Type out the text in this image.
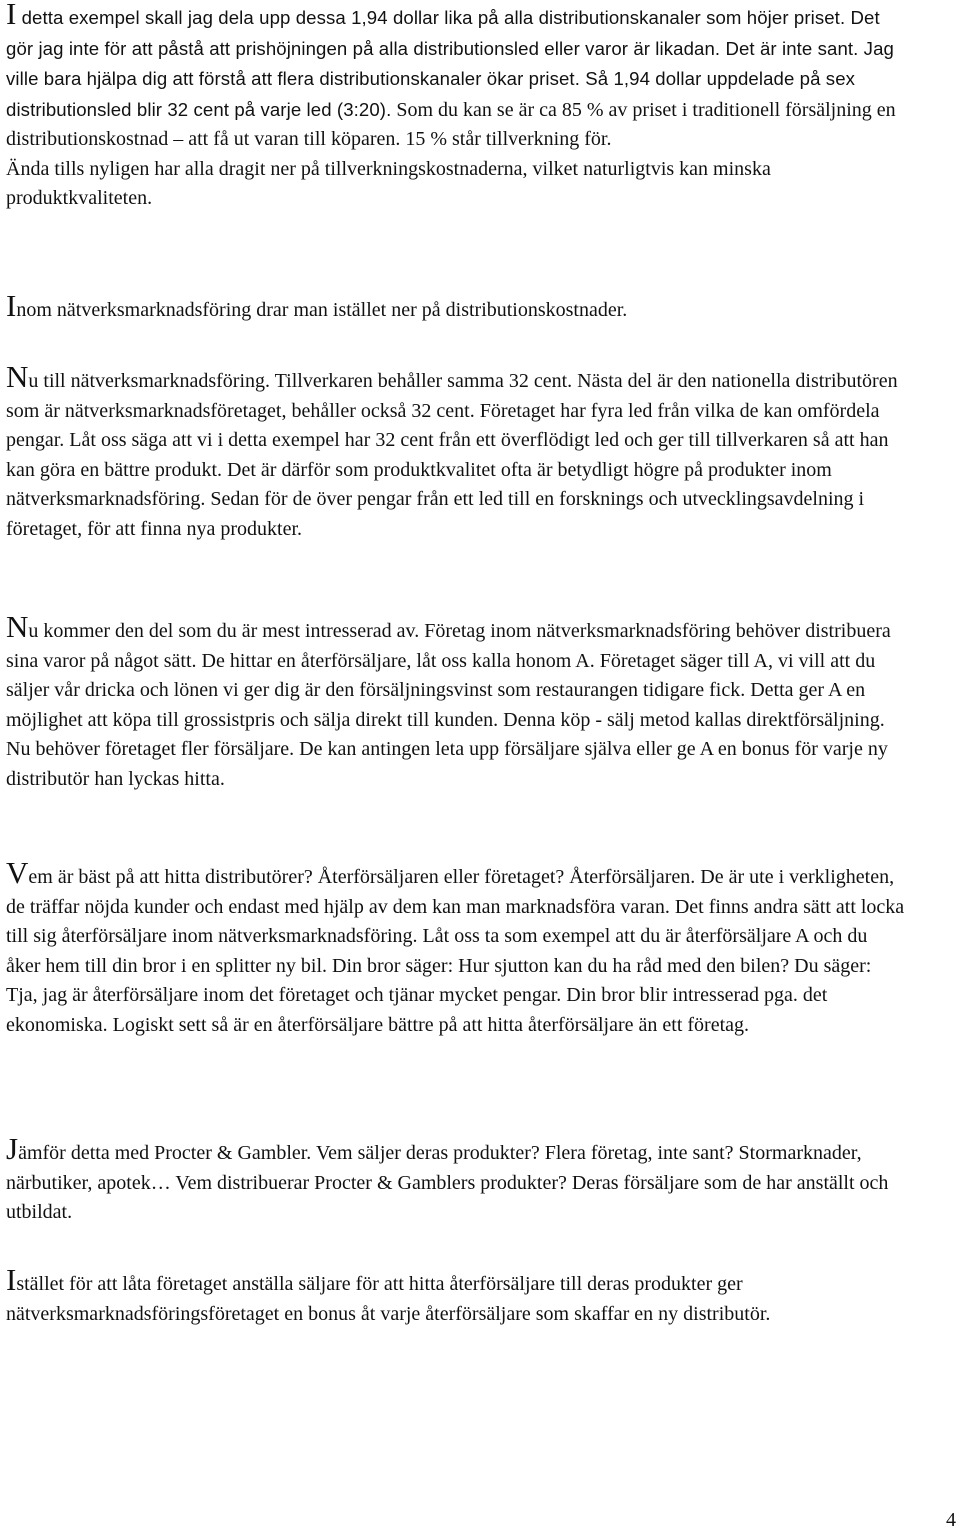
I detta exempel skall jag dela upp dessa 1,94 dollar lika på alla distributionskanaler som höjer priset. Det gör jag inte för att påstå att prishöjningen på alla distributionsled eller varor är likadan. Det är inte sant. Jag ville bara hjälpa dig att förstå att flera distributionskanaler ökar priset. Så 1,94 dollar uppdelade på sex distributionsled blir 32 cent på varje led (3:20). Som du kan se är ca 85 % av priset i traditionell försäljning en distributionskostnad – att få ut varan till köparen. 15 % står tillverkning för.
Ända tills nyligen har alla dragit ner på tillverkningskostnaderna, vilket naturligtvis kan minska produktkvaliteten.

Inom nätverksmarknadsföring drar man istället ner på distributionskostnader.

Nu till nätverksmarknadsföring. Tillverkaren behåller samma 32 cent. Nästa del är den nationella distributören som är nätverksmarknadsföretaget, behåller också 32 cent. Företaget har fyra led från vilka de kan omfördela pengar. Låt oss säga att vi i detta exempel har 32 cent från ett överflödigt led och ger till tillverkaren så att han kan göra en bättre produkt. Det är därför som produktkvalitet ofta är betydligt högre på produkter inom nätverksmarknadsföring. Sedan för de över pengar från ett led till en forsknings och utvecklingsavdelning i företaget, för att finna nya produkter.

Nu kommer den del som du är mest intresserad av. Företag inom nätverksmarknadsföring behöver distribuera sina varor på något sätt. De hittar en återförsäljare, låt oss kalla honom A. Företaget säger till A, vi vill att du säljer vår dricka och lönen vi ger dig är den försäljningsvinst som restaurangen tidigare fick. Detta ger A en möjlighet att köpa till grossistpris och sälja direkt till kunden. Denna köp - sälj metod kallas direktförsäljning. Nu behöver företaget fler försäljare. De kan antingen leta upp försäljare själva eller ge A en bonus för varje ny distributör han lyckas hitta.

Vem är bäst på att hitta distributörer? Återförsäljaren eller företaget? Återförsäljaren. De är ute i verkligheten, de träffar nöjda kunder och endast med hjälp av dem kan man marknadsföra varan. Det finns andra sätt att locka till sig återförsäljare inom nätverksmarknadsföring. Låt oss ta som exempel att du är återförsäljare A och du åker hem till din bror i en splitter ny bil. Din bror säger: Hur sjutton kan du ha råd med den bilen? Du säger: Tja, jag är återförsäljare inom det företaget och tjänar mycket pengar. Din bror blir intresserad pga. det ekonomiska. Logiskt sett så är en återförsäljare bättre på att hitta återförsäljare än ett företag.

Jämför detta med Procter & Gambler. Vem säljer deras produkter? Flera företag, inte sant? Stormarknader, närbutiker, apotek… Vem distribuerar Procter & Gamblers produkter? Deras försäljare som de har anställt och utbildat.

Istället för att låta företaget anställa säljare för att hitta återförsäljare till deras produkter ger nätverksmarknadsföringsföretaget en bonus åt varje återförsäljare som skaffar en ny distributör.

4
